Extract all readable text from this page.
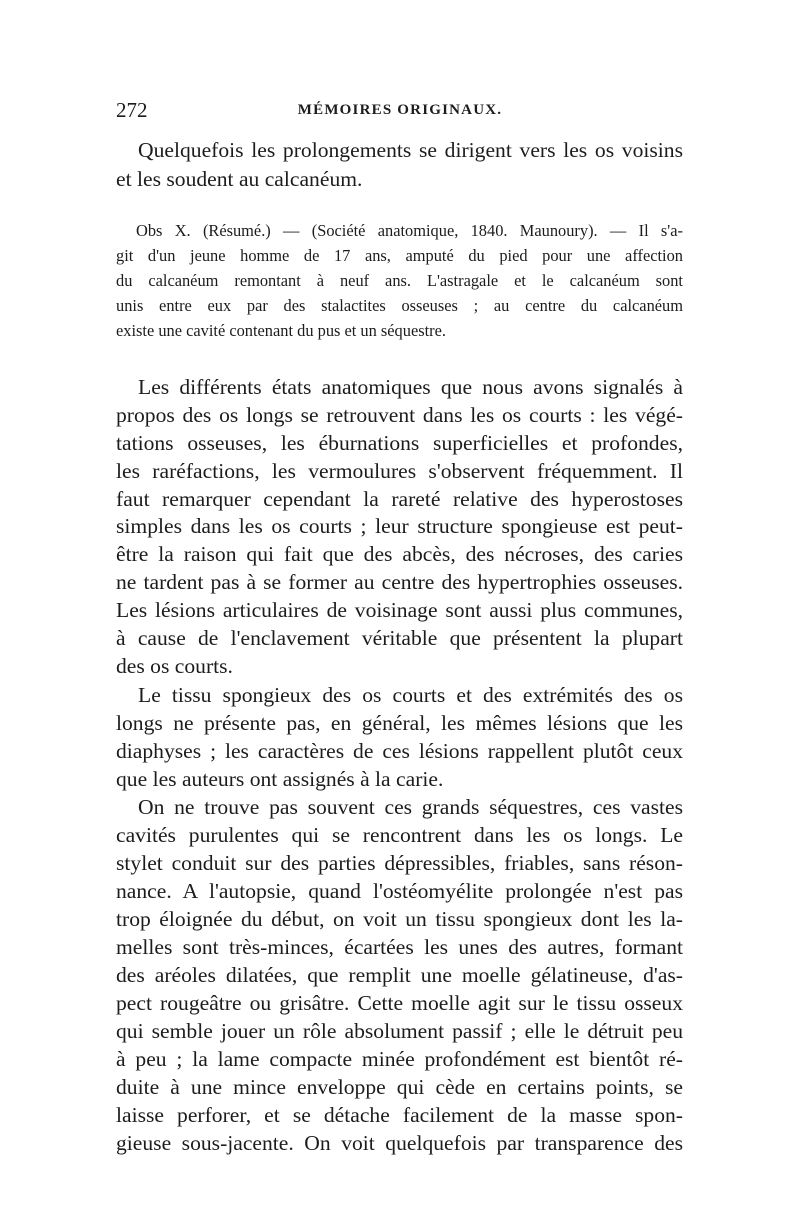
272	MÉMOIRES ORIGINAUX.
Quelquefois les prolongements se dirigent vers les os voisins
et les soudent au calcanéum.
Obs X. (Résumé.) — (Société anatomique, 1840. Maunoury). — Il s'a-
git d'un jeune homme de 17 ans, amputé du pied pour une affection
du calcanéum remontant à neuf ans. L'astragale et le calcanéum sont
unis entre eux par des stalactites osseuses ; au centre du calcanéum
existe une cavité contenant du pus et un séquestre.
Les différents états anatomiques que nous avons signalés à
propos des os longs se retrouvent dans les os courts : les végé-
tations osseuses, les éburnations superficielles et profondes,
les raréfactions, les vermoulures s'observent fréquemment. Il
faut remarquer cependant la rareté relative des hyperostoses
simples dans les os courts ; leur structure spongieuse est peut-
être la raison qui fait que des abcès, des nécroses, des caries
ne tardent pas à se former au centre des hypertrophies osseuses.
Les lésions articulaires de voisinage sont aussi plus communes,
à cause de l'enclavement véritable que présentent la plupart
des os courts.
Le tissu spongieux des os courts et des extrémités des os
longs ne présente pas, en général, les mêmes lésions que les
diaphyses ; les caractères de ces lésions rappellent plutôt ceux
que les auteurs ont assignés à la carie.
On ne trouve pas souvent ces grands séquestres, ces vastes
cavités purulentes qui se rencontrent dans les os longs. Le
stylet conduit sur des parties dépressibles, friables, sans réson-
nance. A l'autopsie, quand l'ostéomyélite prolongée n'est pas
trop éloignée du début, on voit un tissu spongieux dont les la-
melles sont très-minces, écartées les unes des autres, formant
des aréoles dilatées, que remplit une moelle gélatineuse, d'as-
pect rougeâtre ou grisâtre. Cette moelle agit sur le tissu osseux
qui semble jouer un rôle absolument passif ; elle le détruit peu
à peu ; la lame compacte minée profondément est bientôt ré-
duite à une mince enveloppe qui cède en certains points, se
laisse perforer, et se détache facilement de la masse spon-
gieuse sous-jacente. On voit quelquefois par transparence des
